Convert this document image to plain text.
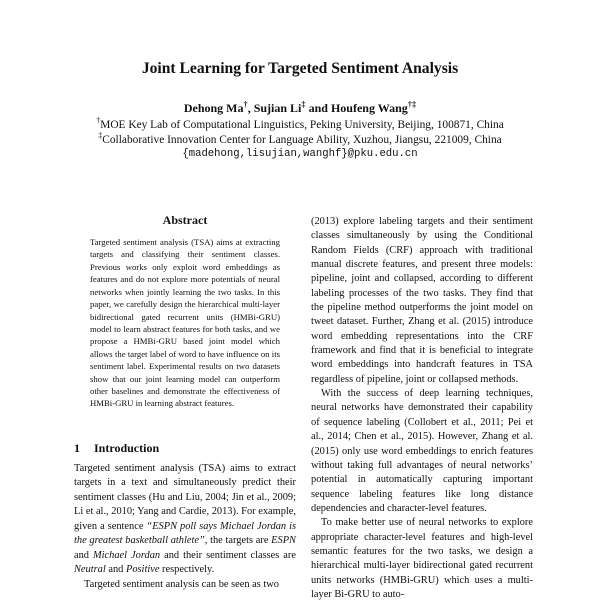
Joint Learning for Targeted Sentiment Analysis
Dehong Ma†, Sujian Li‡ and Houfeng Wang†‡
†MOE Key Lab of Computational Linguistics, Peking University, Beijing, 100871, China
‡Collaborative Innovation Center for Language Ability, Xuzhou, Jiangsu, 221009, China
{madehong,lisujian,wanghf}@pku.edu.cn
Abstract
Targeted sentiment analysis (TSA) aims at extracting targets and classifying their sentiment classes. Previous works only exploit word embeddings as features and do not explore more potentials of neural networks when jointly learning the two tasks. In this paper, we carefully design the hierarchical multi-layer bidirectional gated recurrent units (HMBi-GRU) model to learn abstract features for both tasks, and we propose a HMBi-GRU based joint model which allows the target label of word to have influence on its sentiment label. Experimental results on two datasets show that our joint learning model can outperform other baselines and demonstrate the effectiveness of HMBi-GRU in learning abstract features.
1 Introduction

Targeted sentiment analysis (TSA) aims to extract targets in a text and simultaneously predict their sentiment classes (Hu and Liu, 2004; Jin et al., 2009; Li et al., 2010; Yang and Cardie, 2013). For example, given a sentence “ESPN poll says Michael Jordan is the greatest basketball athlete”, the targets are ESPN and Michael Jordan and their sentiment classes are Neutral and Positive respectively.

Targeted sentiment analysis can be seen as two

(2013) explore labeling targets and their sentiment classes simultaneously by using the Conditional Random Fields (CRF) approach with traditional manual discrete features, and present three models: pipeline, joint and collapsed, according to different labeling processes of the two tasks. They find that the pipeline method outperforms the joint model on tweet dataset. Further, Zhang et al. (2015) introduce word embedding representations into the CRF framework and find that it is beneficial to integrate word embeddings into handcraft features in TSA regardless of pipeline, joint or collapsed methods.

With the success of deep learning techniques, neural networks have demonstrated their capability of sequence labeling (Collobert et al., 2011; Pei et al., 2014; Chen et al., 2015). However, Zhang et al. (2015) only use word embeddings to enrich features without taking full advantages of neural networks’ potential in automatically capturing important sequence labeling features like long distance dependencies and character-level features.

To make better use of neural networks to explore appropriate character-level features and high-level semantic features for the two tasks, we design a hierarchical multi-layer bidirectional gated recurrent units networks (HMBi-GRU) which uses a multi-layer Bi-GRU to auto-
